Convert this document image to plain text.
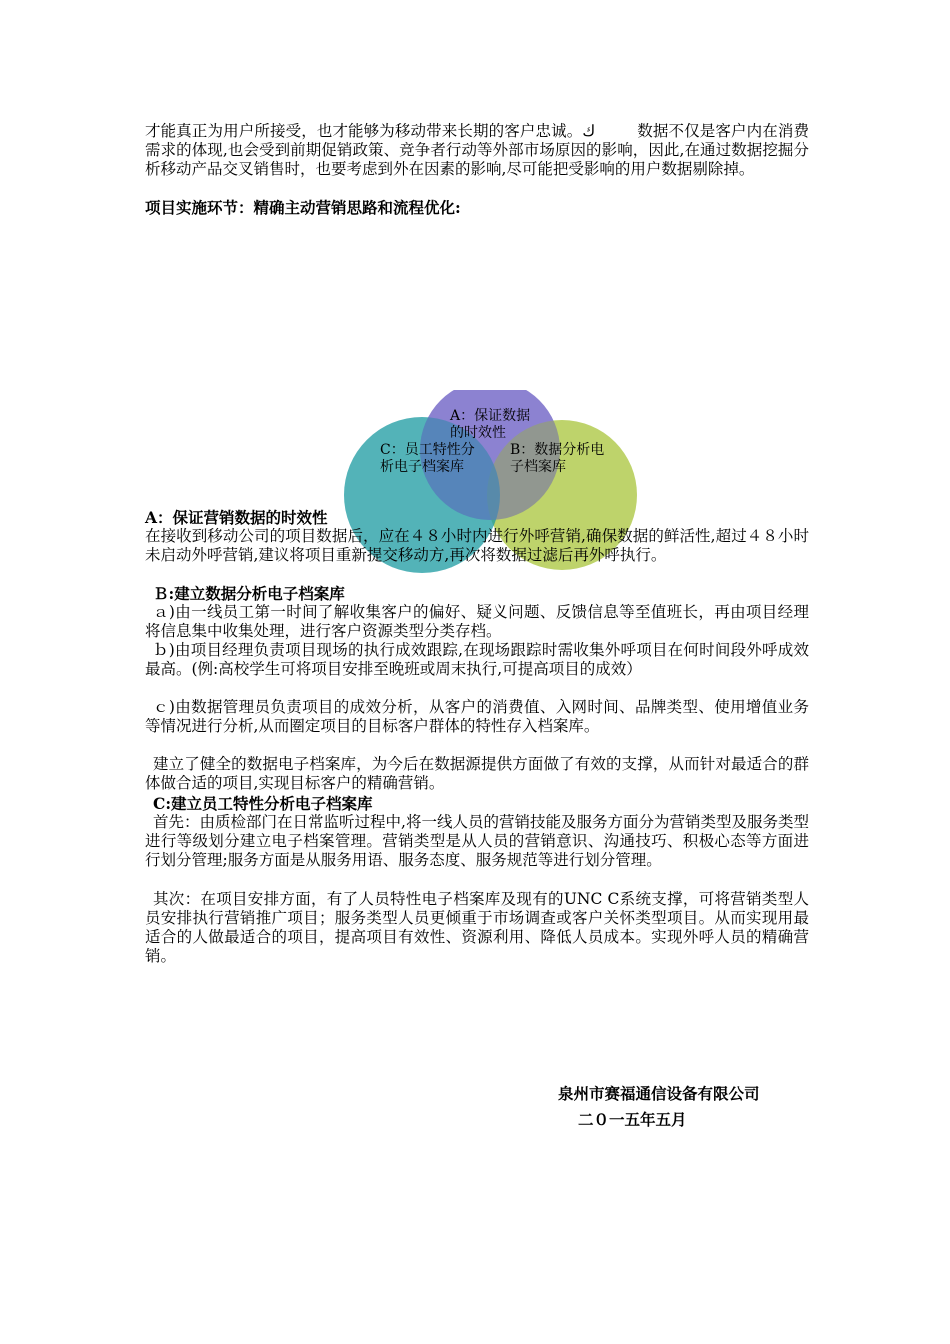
才能真正为用户所接受，也才能够为移动带来长期的客户忠诚。ك	数据不仅是客户内在消费需求的体现,也会受到前期促销政策、竞争者行动等外部市场原因的影响，因此,在通过数据挖掘分析移动产品交叉销售时，也要考虑到外在因素的影响,尽可能把受影响的用户数据剔除掉。

项目实施环节：精确主动营销思路和流程优化:

A：保证数据的时效性
B：数据分析电子档案库
C：员工特性分析电子档案库

A：保证营销数据的时效性

在接收到移动公司的项目数据后，应在４８小时内进行外呼营销,确保数据的鲜活性,超过４８小时未启动外呼营销,建议将项目重新提交移动方,再次将数据过滤后再外呼执行。

Ｂ:建立数据分析电子档案库

ａ)由一线员工第一时间了解收集客户的偏好、疑义问题、反馈信息等至值班长，再由项目经理将信息集中收集处理，进行客户资源类型分类存档。

ｂ)由项目经理负责项目现场的执行成效跟踪,在现场跟踪时需收集外呼项目在何时间段外呼成效最高。(例:高校学生可将项目安排至晚班或周末执行,可提高项目的成效）

ｃ)由数据管理员负责项目的成效分析，从客户的消费值、入网时间、品牌类型、使用增值业务等情况进行分析,从而圈定项目的目标客户群体的特性存入档案库。

建立了健全的数据电子档案库，为今后在数据源提供方面做了有效的支撑，从而针对最适合的群体做合适的项目,实现目标客户的精确营销。

C:建立员工特性分析电子档案库

首先：由质检部门在日常监听过程中,将一线人员的营销技能及服务方面分为营销类型及服务类型进行等级划分建立电子档案管理。营销类型是从人员的营销意识、沟通技巧、积极心态等方面进行划分管理;服务方面是从服务用语、服务态度、服务规范等进行划分管理。

其次：在项目安排方面，有了人员特性电子档案库及现有的UNC C系统支撑，可将营销类型人员安排执行营销推广项目；服务类型人员更倾重于市场调查或客户关怀类型项目。从而实现用最适合的人做最适合的项目，提高项目有效性、资源利用、降低人员成本。实现外呼人员的精确营销。

泉州市赛福通信设备有限公司
二０一五年五月
